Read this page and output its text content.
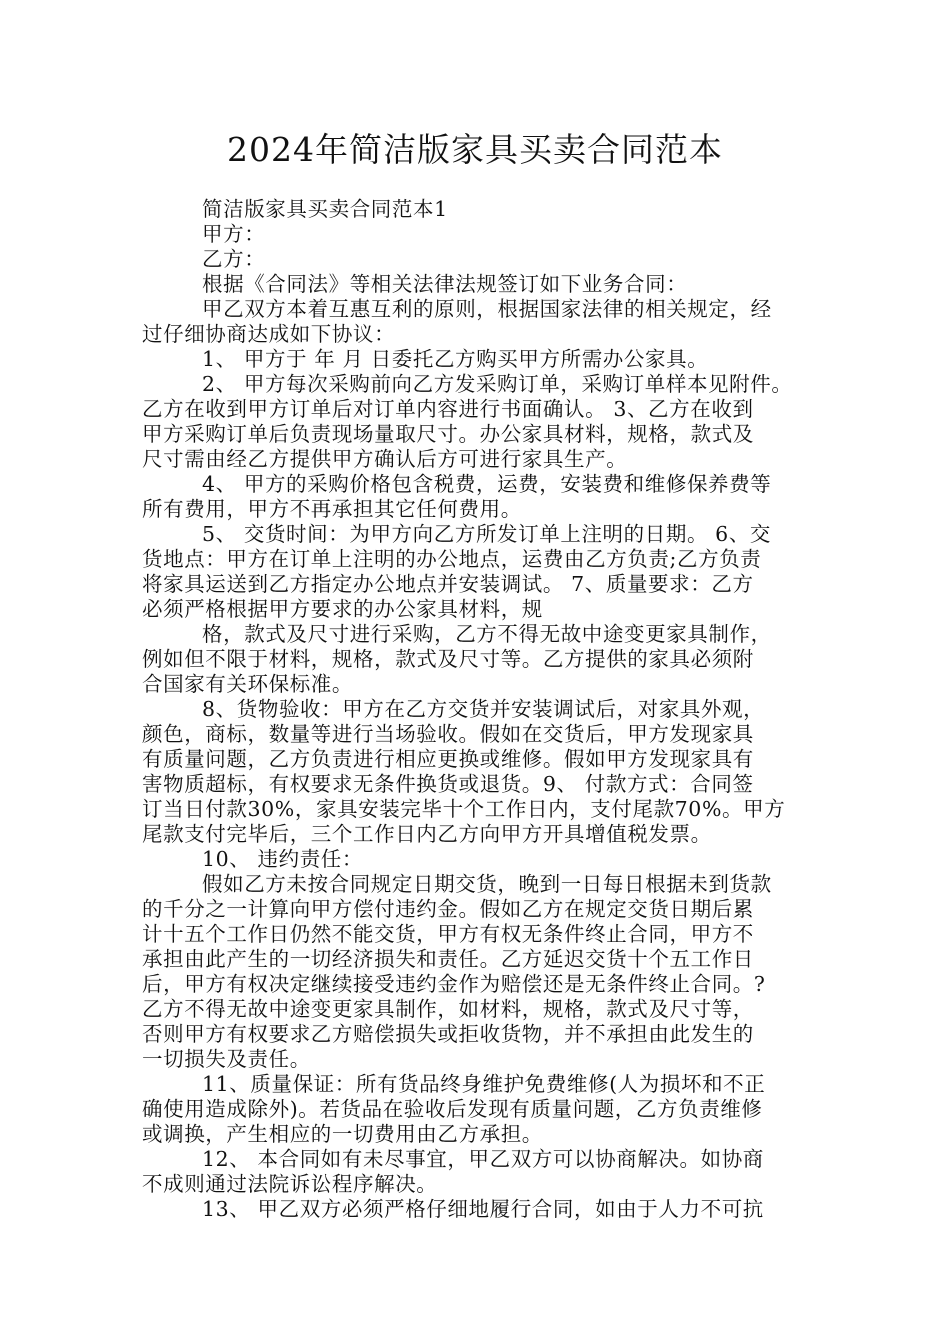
2024年简洁版家具买卖合同范本
简洁版家具买卖合同范本1
甲方：
乙方：
根据《合同法》等相关法律法规签订如下业务合同：
甲乙双方本着互惠互利的原则，根据国家法律的相关规定，经
过仔细协商达成如下协议：
1、 甲方于 年 月 日委托乙方购买甲方所需办公家具。
2、 甲方每次采购前向乙方发采购订单，采购订单样本见附件。
乙方在收到甲方订单后对订单内容进行书面确认。 3、乙方在收到
甲方采购订单后负责现场量取尺寸。办公家具材料，规格，款式及
尺寸需由经乙方提供甲方确认后方可进行家具生产。
4、 甲方的采购价格包含税费，运费，安装费和维修保养费等
所有费用，甲方不再承担其它任何费用。
5、 交货时间：为甲方向乙方所发订单上注明的日期。 6、交
货地点：甲方在订单上注明的办公地点，运费由乙方负责;乙方负责
将家具运送到乙方指定办公地点并安装调试。 7、质量要求：乙方
必须严格根据甲方要求的办公家具材料，规
格，款式及尺寸进行采购，乙方不得无故中途变更家具制作，
例如但不限于材料，规格，款式及尺寸等。乙方提供的家具必须附
合国家有关环保标准。
8、货物验收：甲方在乙方交货并安装调试后，对家具外观，
颜色，商标，数量等进行当场验收。假如在交货后，甲方发现家具
有质量问题，乙方负责进行相应更换或维修。假如甲方发现家具有
害物质超标，有权要求无条件换货或退货。9、 付款方式：合同签
订当日付款30%，家具安装完毕十个工作日内，支付尾款70%。甲方
尾款支付完毕后，三个工作日内乙方向甲方开具增值税发票。
10、 违约责任：
假如乙方未按合同规定日期交货，晚到一日每日根据未到货款
的千分之一计算向甲方偿付违约金。假如乙方在规定交货日期后累
计十五个工作日仍然不能交货，甲方有权无条件终止合同，甲方不
承担由此产生的一切经济损失和责任。乙方延迟交货十个五工作日
后，甲方有权决定继续接受违约金作为赔偿还是无条件终止合同。?
乙方不得无故中途变更家具制作，如材料，规格，款式及尺寸等，
否则甲方有权要求乙方赔偿损失或拒收货物，并不承担由此发生的
一切损失及责任。
11、质量保证：所有货品终身维护免费维修(人为损坏和不正
确使用造成除外)。若货品在验收后发现有质量问题，乙方负责维修
或调换，产生相应的一切费用由乙方承担。
12、 本合同如有未尽事宜，甲乙双方可以协商解决。如协商
不成则通过法院诉讼程序解决。
13、 甲乙双方必须严格仔细地履行合同，如由于人力不可抗
